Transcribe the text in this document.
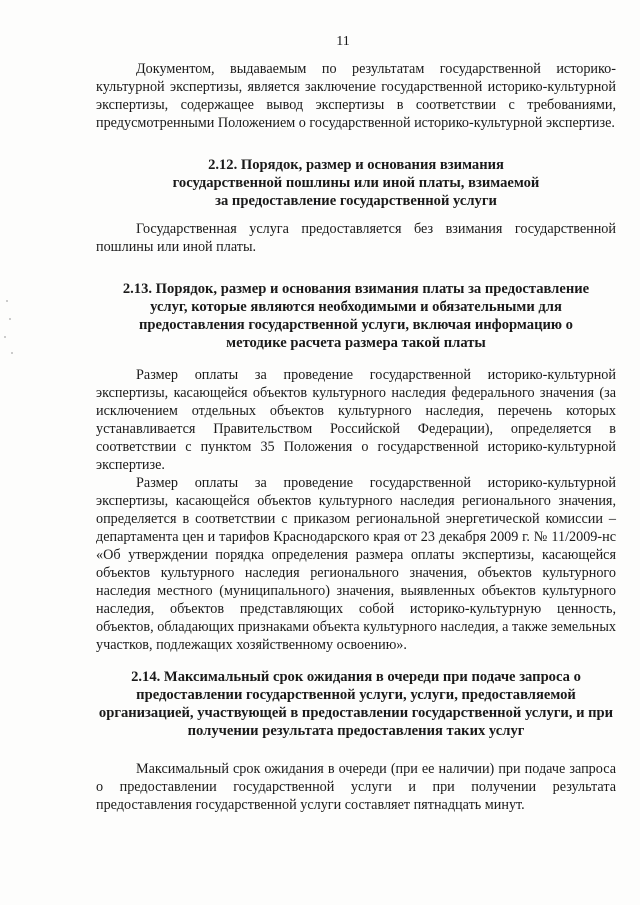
11

Документом, выдаваемым по результатам государственной историко-культурной экспертизы, является заключение государственной историко-культурной экспертизы, содержащее вывод экспертизы в соответствии с требованиями, предусмотренными Положением о государственной историко-культурной экспертизе.

2.12. Порядок, размер и основания взимания государственной пошлины или иной платы, взимаемой за предоставление государственной услуги

Государственная услуга предоставляется без взимания государственной пошлины или иной платы.

2.13. Порядок, размер и основания взимания платы за предоставление услуг, которые являются необходимыми и обязательными для предоставления государственной услуги, включая информацию о методике расчета размера такой платы

Размер оплаты за проведение государственной историко-культурной экспертизы, касающейся объектов культурного наследия федерального значения (за исключением отдельных объектов культурного наследия, перечень которых устанавливается Правительством Российской Федерации), определяется в соответствии с пунктом 35 Положения о государственной историко-культурной экспертизе.

Размер оплаты за проведение государственной историко-культурной экспертизы, касающейся объектов культурного наследия регионального значения, определяется в соответствии с приказом региональной энергетической комиссии – департамента цен и тарифов Краснодарского края от 23 декабря 2009 г. № 11/2009-нс «Об утверждении порядка определения размера оплаты экспертизы, касающейся объектов культурного наследия регионального значения, объектов культурного наследия местного (муниципального) значения, выявленных объектов культурного наследия, объектов представляющих собой историко-культурную ценность, объектов, обладающих признаками объекта культурного наследия, а также земельных участков, подлежащих хозяйственному освоению».

2.14. Максимальный срок ожидания в очереди при подаче запроса о предоставлении государственной услуги, услуги, предоставляемой организацией, участвующей в предоставлении государственной услуги, и при получении результата предоставления таких услуг

Максимальный срок ожидания в очереди (при ее наличии) при подаче запроса о предоставлении государственной услуги и при получении результата предоставления государственной услуги составляет пятнадцать минут.
